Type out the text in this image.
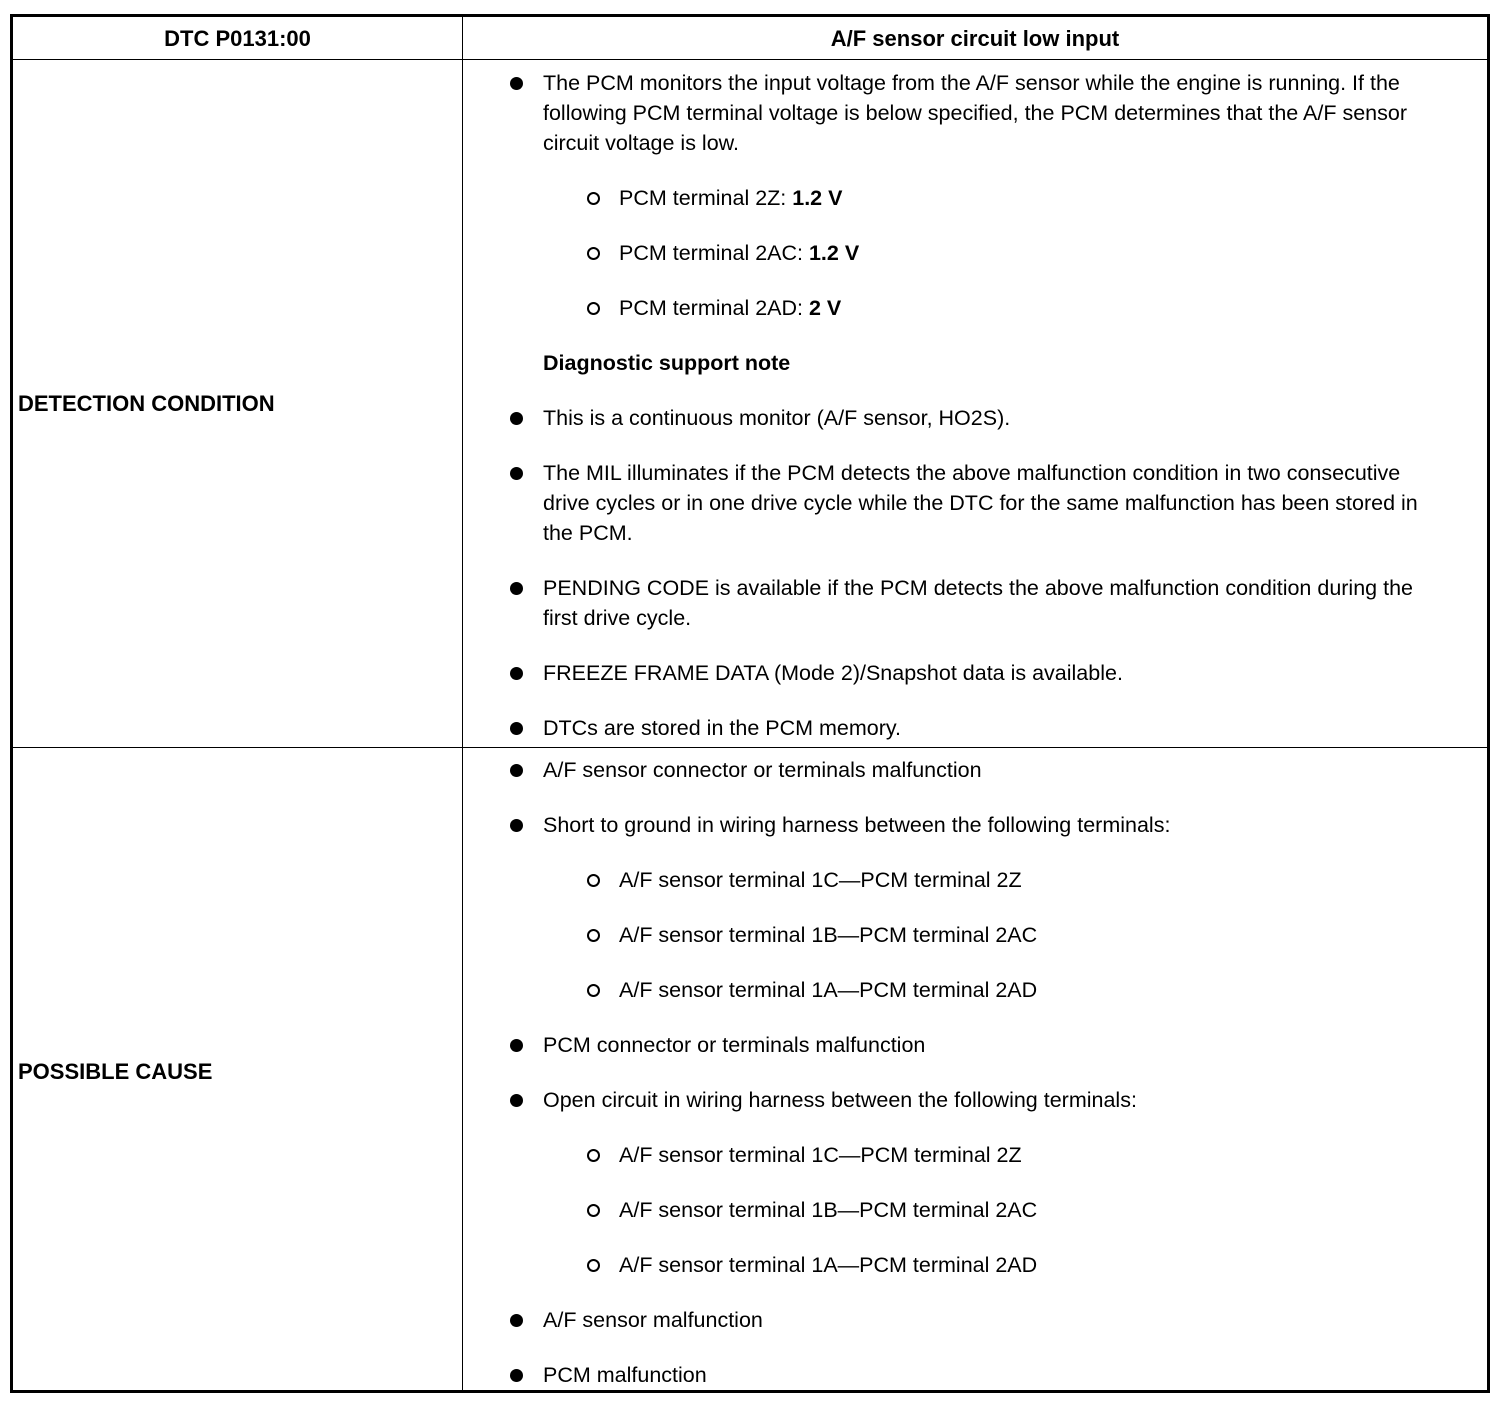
DTC P0131:00	A/F sensor circuit low input
DETECTION CONDITION
POSSIBLE CAUSE
The PCM monitors the input voltage from the A/F sensor while the engine is running. If the following PCM terminal voltage is below specified, the PCM determines that the A/F sensor circuit voltage is low.
PCM terminal 2Z: 1.2 V
PCM terminal 2AC: 1.2 V
PCM terminal 2AD: 2 V
Diagnostic support note
This is a continuous monitor (A/F sensor, HO2S).
The MIL illuminates if the PCM detects the above malfunction condition in two consecutive drive cycles or in one drive cycle while the DTC for the same malfunction has been stored in the PCM.
PENDING CODE is available if the PCM detects the above malfunction condition during the first drive cycle.
FREEZE FRAME DATA (Mode 2)/Snapshot data is available.
DTCs are stored in the PCM memory.
A/F sensor connector or terminals malfunction
Short to ground in wiring harness between the following terminals:
A/F sensor terminal 1C—PCM terminal 2Z
A/F sensor terminal 1B—PCM terminal 2AC
A/F sensor terminal 1A—PCM terminal 2AD
PCM connector or terminals malfunction
Open circuit in wiring harness between the following terminals:
A/F sensor terminal 1C—PCM terminal 2Z
A/F sensor terminal 1B—PCM terminal 2AC
A/F sensor terminal 1A—PCM terminal 2AD
A/F sensor malfunction
PCM malfunction
